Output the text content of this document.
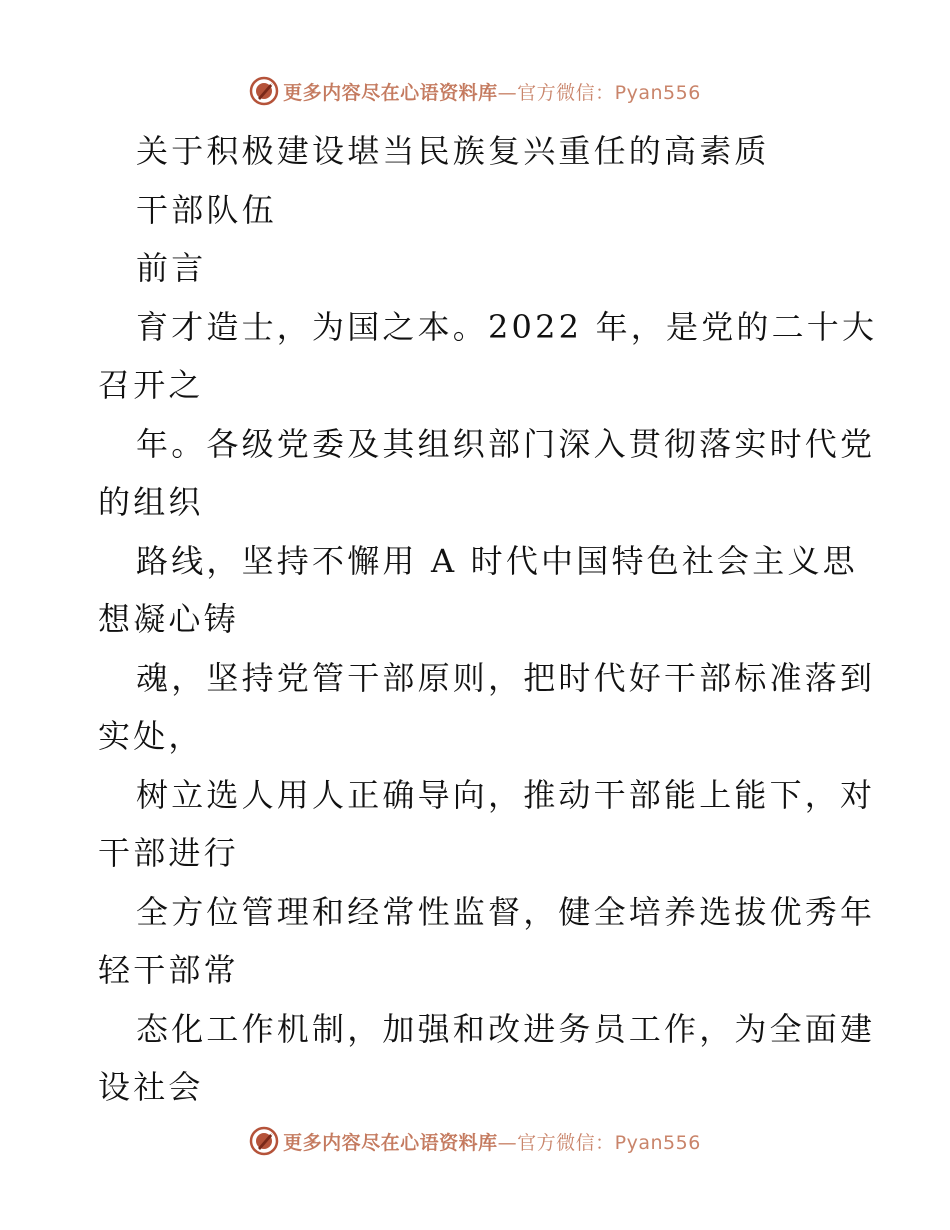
更多内容尽在心语资料库—官方微信：Pyan556
关于积极建设堪当民族复兴重任的高素质
干部队伍
前言
育才造士，为国之本。2022 年，是党的二十大
召开之
年。各级党委及其组织部门深入贯彻落实时代党
的组织
路线，坚持不懈用 A 时代中国特色社会主义思
想凝心铸
魂，坚持党管干部原则，把时代好干部标准落到
实处，
树立选人用人正确导向，推动干部能上能下，对
干部进行
全方位管理和经常性监督，健全培养选拔优秀年
轻干部常
态化工作机制，加强和改进务员工作，为全面建
设社会
更多内容尽在心语资料库—官方微信：Pyan556
